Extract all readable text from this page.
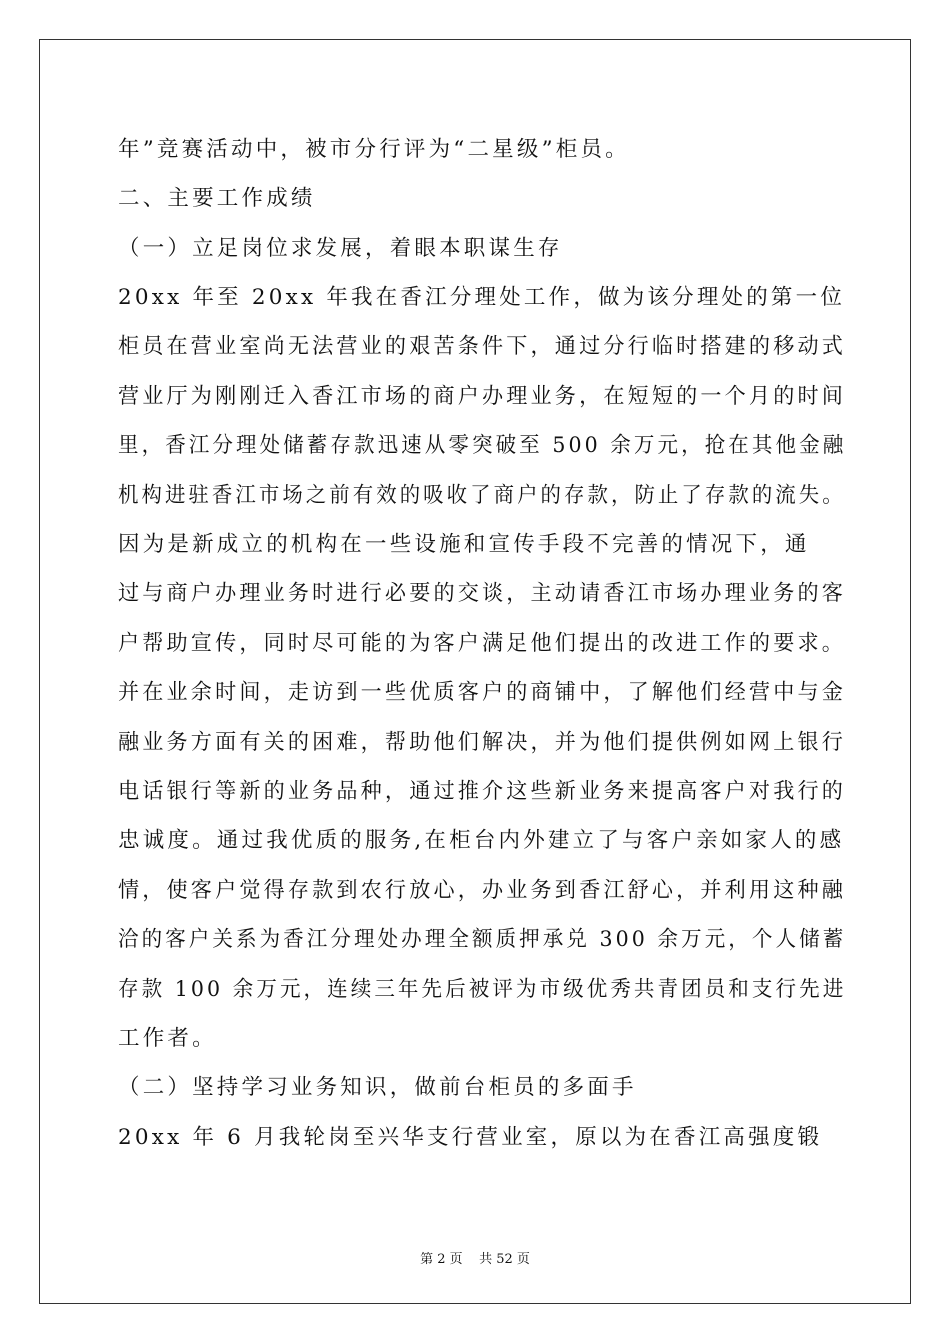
年”竞赛活动中，被市分行评为“二星级”柜员。
二、主要工作成绩
（一）立足岗位求发展，着眼本职谋生存
20xx 年至 20xx 年我在香江分理处工作，做为该分理处的第一位
柜员在营业室尚无法营业的艰苦条件下，通过分行临时搭建的移动式
营业厅为刚刚迁入香江市场的商户办理业务，在短短的一个月的时间
里，香江分理处储蓄存款迅速从零突破至 500 余万元，抢在其他金融
机构进驻香江市场之前有效的吸收了商户的存款，防止了存款的流失。
因为是新成立的机构在一些设施和宣传手段不完善的情况下，通
过与商户办理业务时进行必要的交谈，主动请香江市场办理业务的客
户帮助宣传，同时尽可能的为客户满足他们提出的改进工作的要求。
并在业余时间，走访到一些优质客户的商铺中，了解他们经营中与金
融业务方面有关的困难，帮助他们解决，并为他们提供例如网上银行
电话银行等新的业务品种，通过推介这些新业务来提高客户对我行的
忠诚度。通过我优质的服务,在柜台内外建立了与客户亲如家人的感
情，使客户觉得存款到农行放心，办业务到香江舒心，并利用这种融
洽的客户关系为香江分理处办理全额质押承兑 300 余万元，个人储蓄
存款 100 余万元，连续三年先后被评为市级优秀共青团员和支行先进
工作者。
（二）坚持学习业务知识，做前台柜员的多面手
20xx 年 6 月我轮岗至兴华支行营业室，原以为在香江高强度锻
第 2 页    共 52 页
